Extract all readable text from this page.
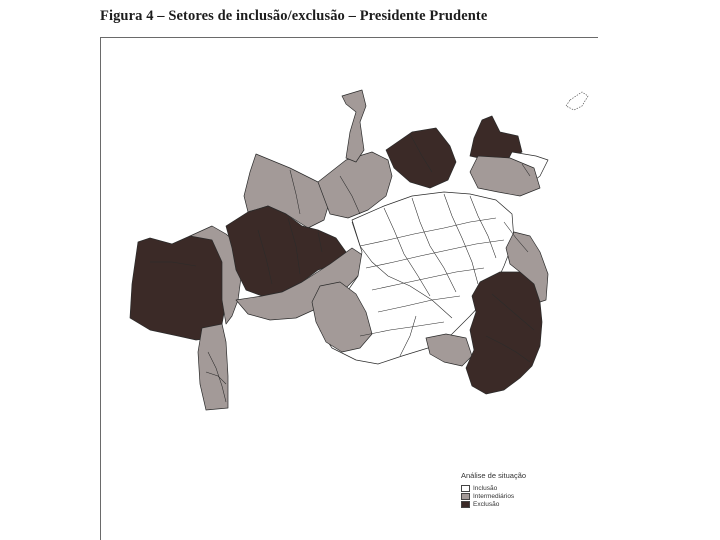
Figura 4 – Setores de inclusão/exclusão – Presidente Prudente
Análise de situação
Inclusão
Intermediários
Exclusão
